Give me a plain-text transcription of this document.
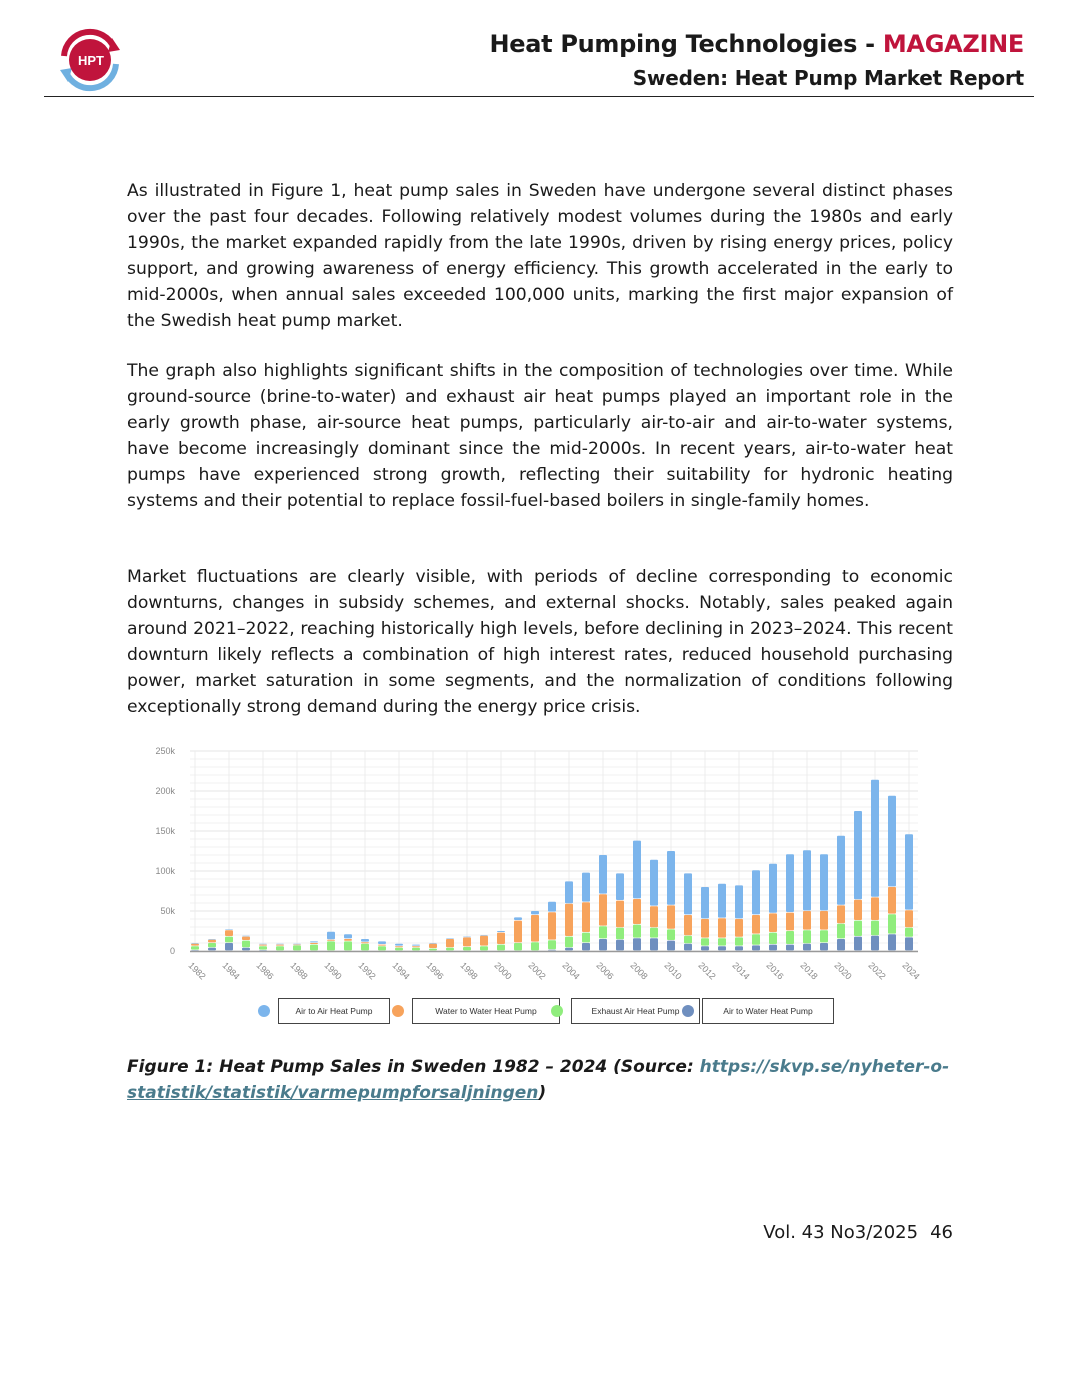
HPT
Heat Pumping Technologies - MAGAZINE
Sweden: Heat Pump Market Report
As illustrated in Figure 1, heat pump sales in Sweden have undergone several distinct phases over the past four decades. Following relatively modest volumes during the 1980s and early 1990s, the market expanded rapidly from the late 1990s, driven by rising energy prices, policy support, and growing awareness of energy efficiency. This growth accelerated in the early to mid-2000s, when annual sales exceeded 100,000 units, marking the first major expansion of the Swedish heat pump market.
The graph also highlights significant shifts in the composition of technologies over time. While ground-source (brine-to-water) and exhaust air heat pumps played an important role in the early growth phase, air-source heat pumps, particularly air-to-air and air-to-water systems, have become increasingly dominant since the mid-2000s. In recent years, air-to-water heat pumps have experienced strong growth, reflecting their suitability for hydronic heating systems and their potential to replace fossil-fuel-based boilers in single-family homes.
Market fluctuations are clearly visible, with periods of decline corresponding to economic downturns, changes in subsidy schemes, and external shocks. Notably, sales peaked again around 2021–2022, reaching historically high levels, before declining in 2023–2024. This recent downturn likely reflects a combination of high interest rates, reduced household purchasing power, market saturation in some segments, and the normalization of conditions following exceptionally strong demand during the energy price crisis.
0
50k
100k
150k
200k
250k
1982 1984 1986 1988 1990 1992 1994 1996 1998 2000 2002 2004 2006 2008 2010 2012 2014 2016 2018 2020 2022 2024
Air to Air Heat Pump	Water to Water Heat Pump	Exhaust Air Heat Pump	Air to Water Heat Pump
Figure 1: Heat Pump Sales in Sweden 1982 – 2024 (Source: https://skvp.se/nyheter-o-
statistik/statistik/varmepumpforsaljningen)
Vol. 43 No3/2025 46
